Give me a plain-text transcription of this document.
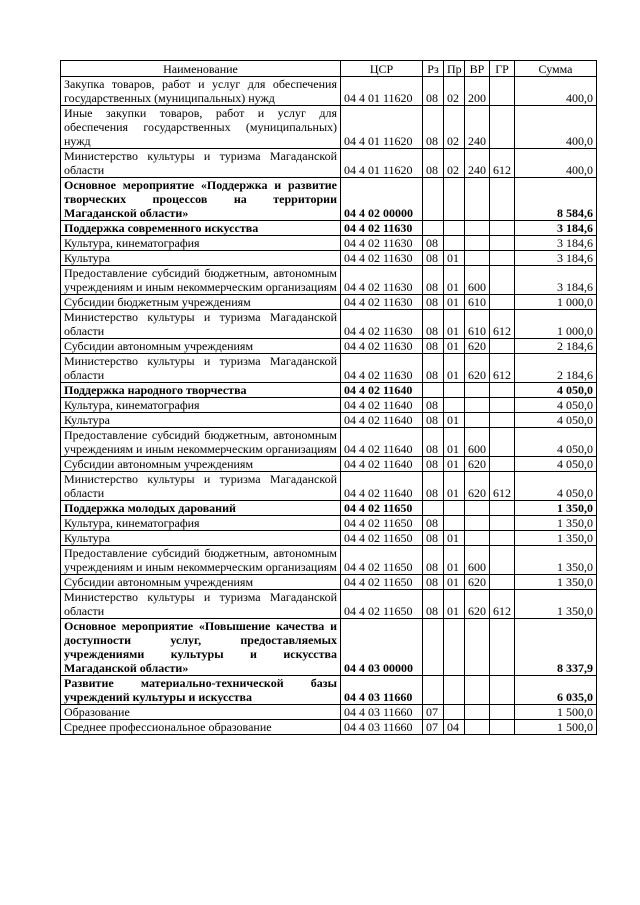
Наименование	ЦСР	Рз	Пр	ВР	ГР	Сумма
Закупка товаров, работ и услуг для обеспечения государственных (муниципальных) нужд	04 4 01 11620	08	02	200		400,0
Иные закупки товаров, работ и услуг для обеспечения государственных (муниципальных) нужд	04 4 01 11620	08	02	240		400,0
Министерство культуры и туризма Магаданской области	04 4 01 11620	08	02	240	612	400,0
Основное мероприятие «Поддержка и развитие творческих процессов на территории Магаданской области»	04 4 02 00000					8 584,6
Поддержка современного искусства	04 4 02 11630					3 184,6
Культура, кинематография	04 4 02 11630	08				3 184,6
Культура	04 4 02 11630	08	01			3 184,6
Предоставление субсидий бюджетным, автономным учреждениям и иным некоммерческим организациям	04 4 02 11630	08	01	600		3 184,6
Субсидии бюджетным учреждениям	04 4 02 11630	08	01	610		1 000,0
Министерство культуры и туризма Магаданской области	04 4 02 11630	08	01	610	612	1 000,0
Субсидии автономным учреждениям	04 4 02 11630	08	01	620		2 184,6
Министерство культуры и туризма Магаданской области	04 4 02 11630	08	01	620	612	2 184,6
Поддержка народного творчества	04 4 02 11640					4 050,0
Культура, кинематография	04 4 02 11640	08				4 050,0
Культура	04 4 02 11640	08	01			4 050,0
Предоставление субсидий бюджетным, автономным учреждениям и иным некоммерческим организациям	04 4 02 11640	08	01	600		4 050,0
Субсидии автономным учреждениям	04 4 02 11640	08	01	620		4 050,0
Министерство культуры и туризма Магаданской области	04 4 02 11640	08	01	620	612	4 050,0
Поддержка молодых дарований	04 4 02 11650					1 350,0
Культура, кинематография	04 4 02 11650	08				1 350,0
Культура	04 4 02 11650	08	01			1 350,0
Предоставление субсидий бюджетным, автономным учреждениям и иным некоммерческим организациям	04 4 02 11650	08	01	600		1 350,0
Субсидии автономным учреждениям	04 4 02 11650	08	01	620		1 350,0
Министерство культуры и туризма Магаданской области	04 4 02 11650	08	01	620	612	1 350,0
Основное мероприятие «Повышение качества и доступности услуг, предоставляемых учреждениями культуры и искусства Магаданской области»	04 4 03 00000					8 337,9
Развитие материально-технической базы учреждений культуры и искусства	04 4 03 11660					6 035,0
Образование	04 4 03 11660	07				1 500,0
Среднее профессиональное образование	04 4 03 11660	07	04			1 500,0
